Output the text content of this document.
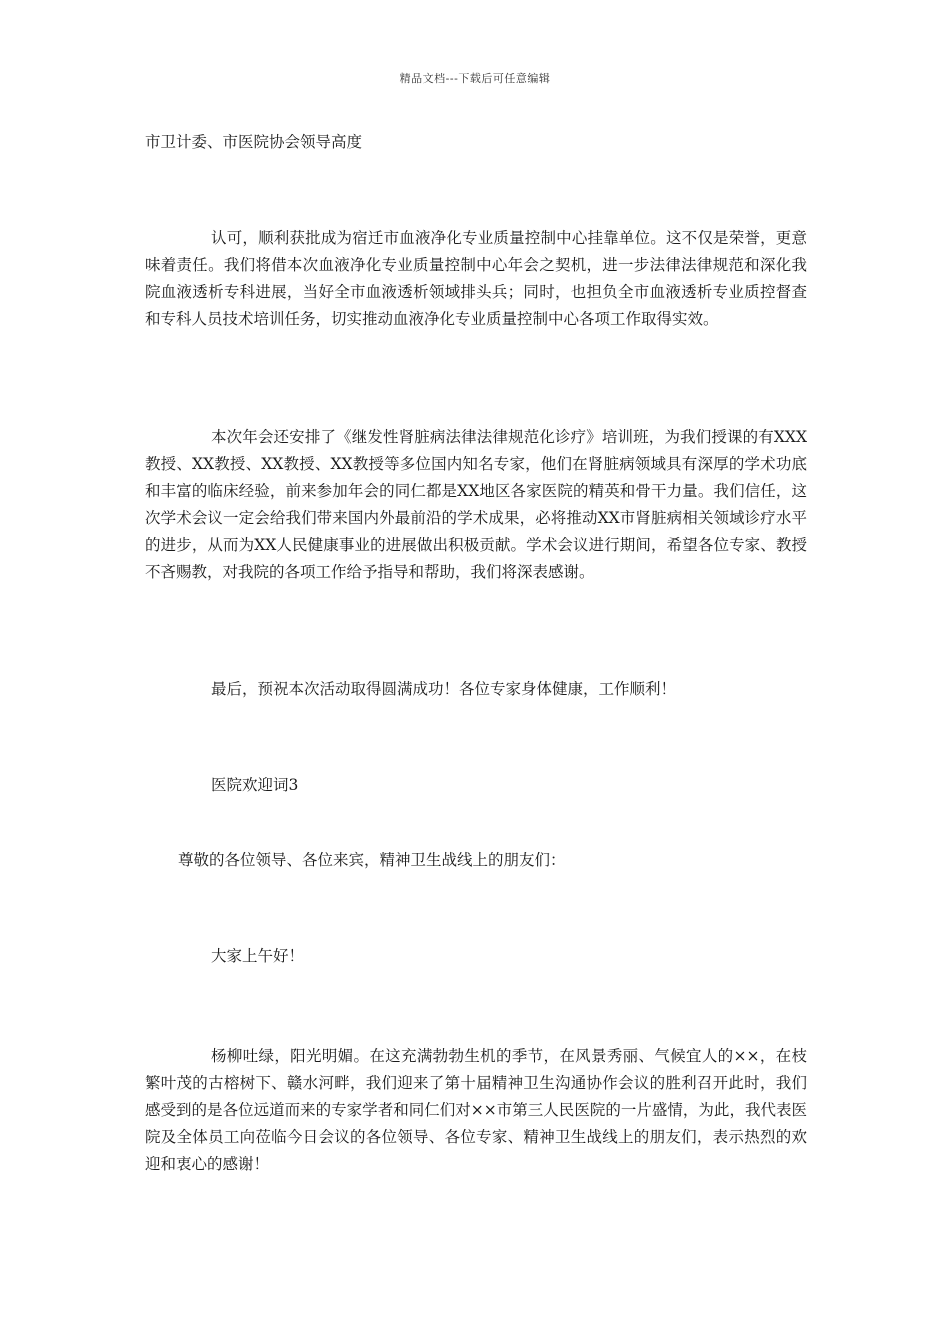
精品文档---下载后可任意编辑

市卫计委、市医院协会领导高度

认可，顺利获批成为宿迁市血液净化专业质量控制中心挂靠单位。这不仅是荣誉，更意味着责任。我们将借本次血液净化专业质量控制中心年会之契机，进一步法律法律规范和深化我院血液透析专科进展，当好全市血液透析领域排头兵；同时，也担负全市血液透析专业质控督查和专科人员技术培训任务，切实推动血液净化专业质量控制中心各项工作取得实效。

本次年会还安排了《继发性肾脏病法律法律规范化诊疗》培训班，为我们授课的有XXX教授、XX教授、XX教授、XX教授等多位国内知名专家，他们在肾脏病领域具有深厚的学术功底和丰富的临床经验，前来参加年会的同仁都是XX地区各家医院的精英和骨干力量。我们信任，这次学术会议一定会给我们带来国内外最前沿的学术成果，必将推动XX市肾脏病相关领域诊疗水平的进步，从而为XX人民健康事业的进展做出积极贡献。学术会议进行期间，希望各位专家、教授不吝赐教，对我院的各项工作给予指导和帮助，我们将深表感谢。

最后，预祝本次活动取得圆满成功！各位专家身体健康，工作顺利！

医院欢迎词3

尊敬的各位领导、各位来宾，精神卫生战线上的朋友们：

大家上午好！

杨柳吐绿，阳光明媚。在这充满勃勃生机的季节，在风景秀丽、气候宜人的××，在枝繁叶茂的古榕树下、赣水河畔，我们迎来了第十届精神卫生沟通协作会议的胜利召开此时，我们感受到的是各位远道而来的专家学者和同仁们对××市第三人民医院的一片盛情，为此，我代表医院及全体员工向莅临今日会议的各位领导、各位专家、精神卫生战线上的朋友们，表示热烈的欢迎和衷心的感谢！
